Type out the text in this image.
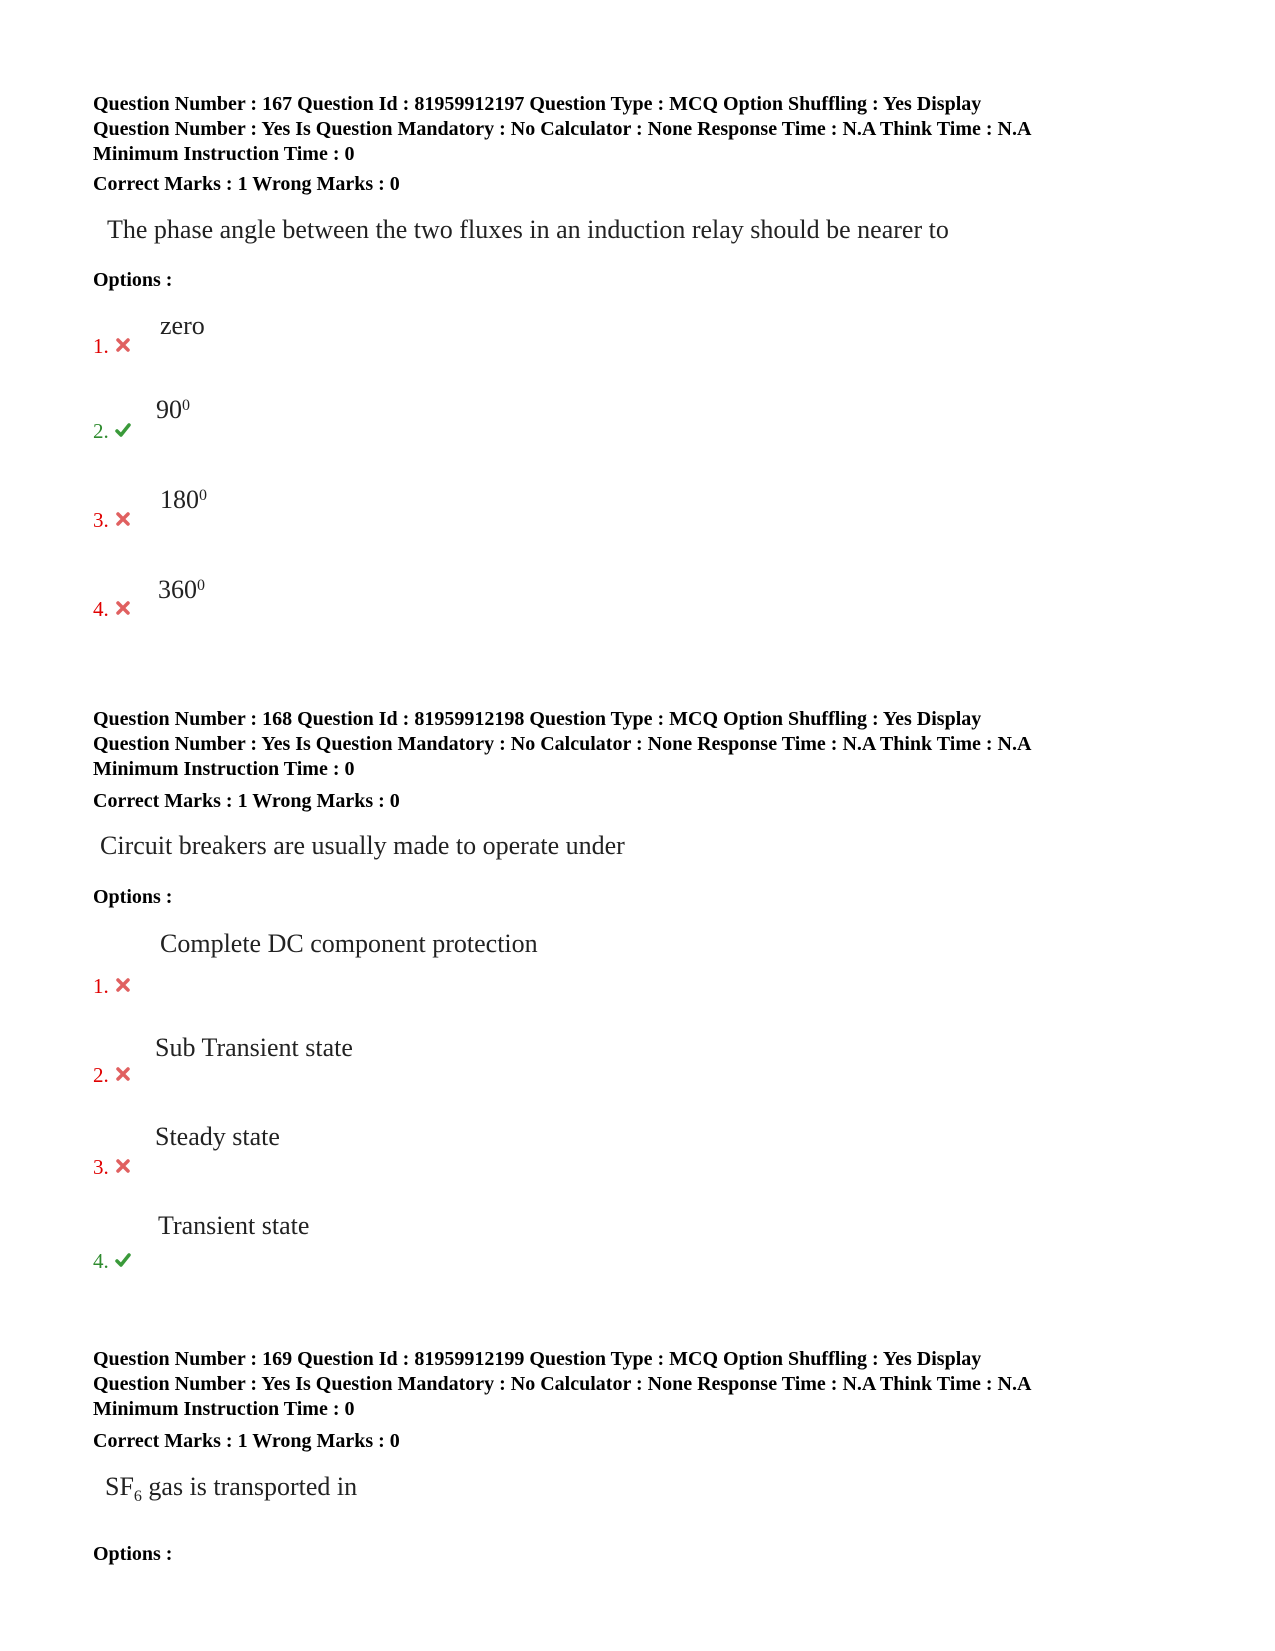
Question Number : 167 Question Id : 81959912197 Question Type : MCQ Option Shuffling : Yes Display
Question Number : Yes Is Question Mandatory : No Calculator : None Response Time : N.A Think Time : N.A
Minimum Instruction Time : 0
Correct Marks : 1 Wrong Marks : 0
The phase angle between the two fluxes in an induction relay should be nearer to
Options :
1.
zero
2.
$90^0$
3.
$180^0$
4.
$360^0$
Question Number : 168 Question Id : 81959912198 Question Type : MCQ Option Shuffling : Yes Display
Question Number : Yes Is Question Mandatory : No Calculator : None Response Time : N.A Think Time : N.A
Minimum Instruction Time : 0
Correct Marks : 1 Wrong Marks : 0
Circuit breakers are usually made to operate under
Options :
1.
Complete DC component protection
2.
Sub Transient state
3.
Steady state
4.
Transient state
Question Number : 169 Question Id : 81959912199 Question Type : MCQ Option Shuffling : Yes Display
Question Number : Yes Is Question Mandatory : No Calculator : None Response Time : N.A Think Time : N.A
Minimum Instruction Time : 0
Correct Marks : 1 Wrong Marks : 0
$SF_6$ gas is transported in
Options :
